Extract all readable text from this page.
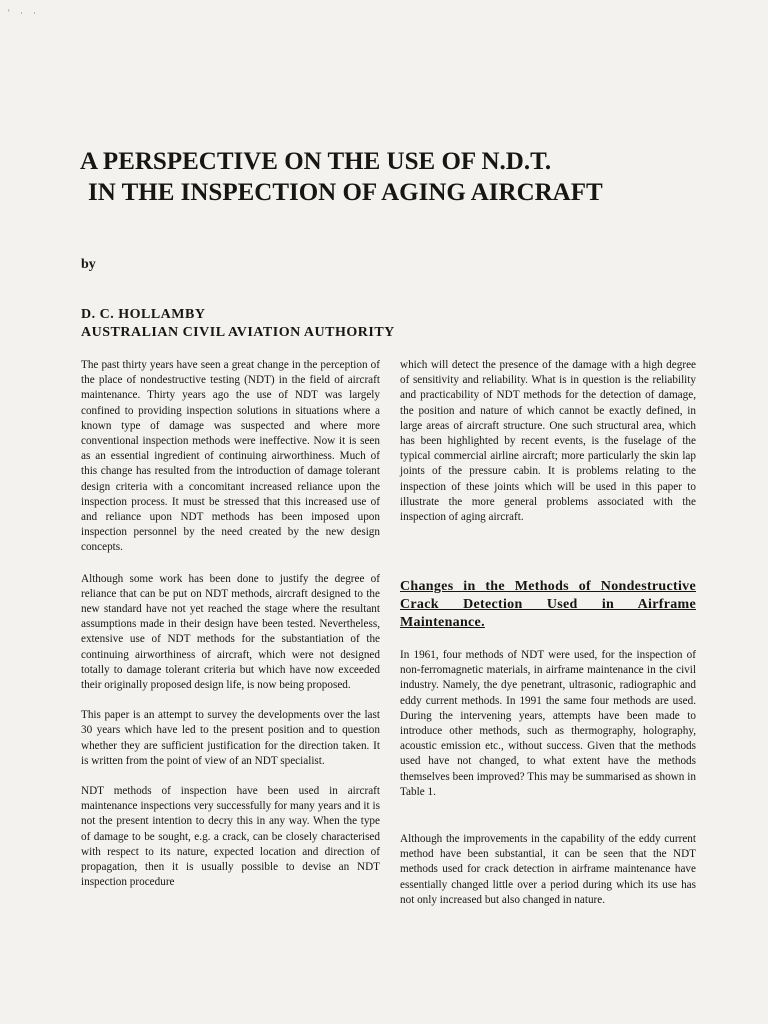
' · ·
A PERSPECTIVE ON THE USE OF N.D.T.
IN THE INSPECTION OF AGING AIRCRAFT
by
D. C. HOLLAMBY
AUSTRALIAN CIVIL AVIATION AUTHORITY

The past thirty years have seen a great change in the perception of the place of nondestructive testing (NDT) in the field of aircraft maintenance. Thirty years ago the use of NDT was largely confined to providing inspection solutions in situations where a known type of damage was suspected and where more conventional inspection methods were ineffective. Now it is seen as an essential ingredient of continuing airworthiness. Much of this change has resulted from the introduction of damage tolerant design criteria with a concomitant increased reliance upon the inspection process. It must be stressed that this increased use of and reliance upon NDT methods has been imposed upon inspection personnel by the need created by the new design concepts.

Although some work has been done to justify the degree of reliance that can be put on NDT methods, aircraft designed to the new standard have not yet reached the stage where the resultant assumptions made in their design have been tested. Nevertheless, extensive use of NDT methods for the substantiation of the continuing airworthiness of aircraft, which were not designed totally to damage tolerant criteria but which have now exceeded their originally proposed design life, is now being proposed.

This paper is an attempt to survey the developments over the last 30 years which have led to the present position and to question whether they are sufficient justification for the direction taken. It is written from the point of view of an NDT specialist.

NDT methods of inspection have been used in aircraft maintenance inspections very successfully for many years and it is not the present intention to decry this in any way. When the type of damage to be sought, e.g. a crack, can be closely characterised with respect to its nature, expected location and direction of propagation, then it is usually possible to devise an NDT inspection procedure

which will detect the presence of the damage with a high degree of sensitivity and reliability. What is in question is the reliability and practicability of NDT methods for the detection of damage, the position and nature of which cannot be exactly defined, in large areas of aircraft structure. One such structural area, which has been highlighted by recent events, is the fuselage of the typical commercial airline aircraft; more particularly the skin lap joints of the pressure cabin. It is problems relating to the inspection of these joints which will be used in this paper to illustrate the more general problems associated with the inspection of aging aircraft.

Changes in the Methods of Nondestructive Crack Detection Used in Airframe Maintenance.

In 1961, four methods of NDT were used, for the inspection of non-ferromagnetic materials, in airframe maintenance in the civil industry. Namely, the dye penetrant, ultrasonic, radiographic and eddy current methods. In 1991 the same four methods are used. During the intervening years, attempts have been made to introduce other methods, such as thermography, holography, acoustic emission etc., without success. Given that the methods used have not changed, to what extent have the methods themselves been improved? This may be summarised as shown in Table 1.

Although the improvements in the capability of the eddy current method have been substantial, it can be seen that the NDT methods used for crack detection in airframe maintenance have essentially changed little over a period during which its use has not only increased but also changed in nature.
